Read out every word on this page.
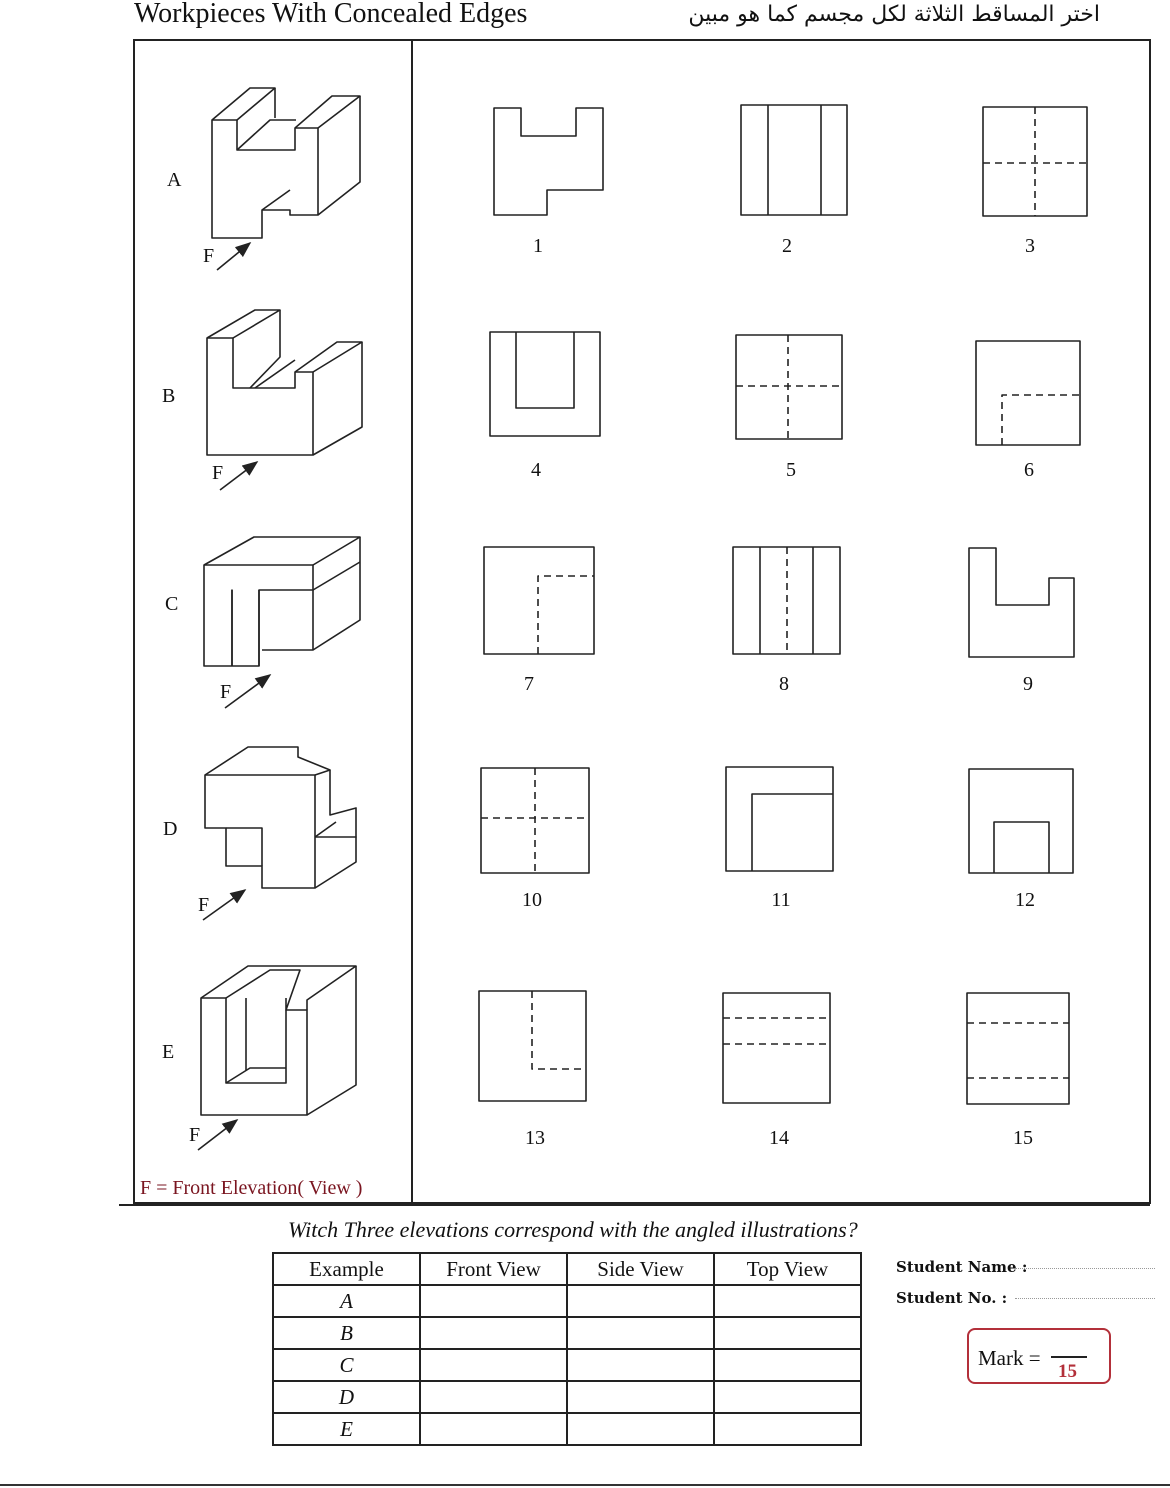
Workpieces With Concealed Edges	اختر المساقط الثلاثة لكل مجسم كما هو مبين
A
B
C
D
E
F
F
F
F
F
1	2	3
4	5	6
7	8	9
10	11	12
13	14	15
F = Front Elevation( View )
Witch Three elevations correspond with the angled illustrations?
Example	Front View	Side View	Top View
A			
B			
C			
D			
E			
Student Name :
Student No. :
Mark =
15
